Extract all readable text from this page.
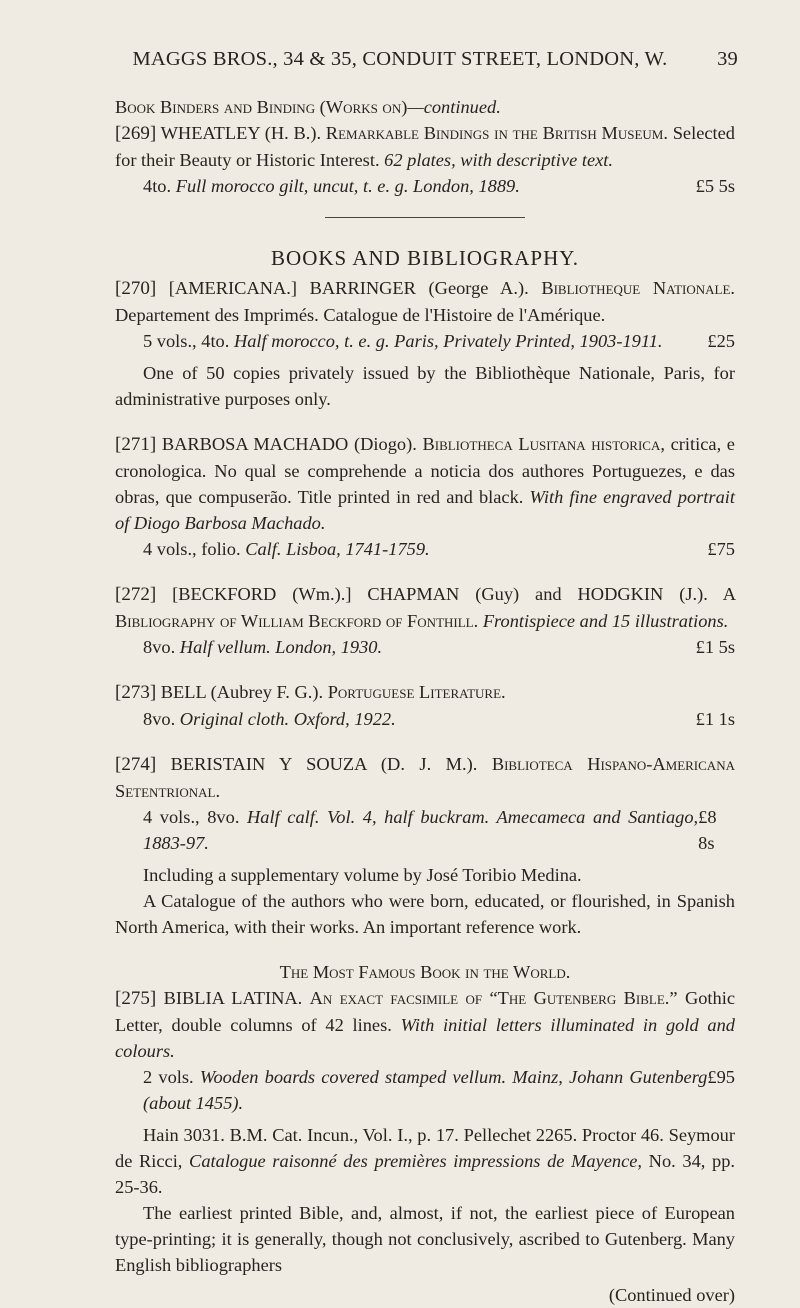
MAGGS BROS., 34 & 35, CONDUIT STREET, LONDON, W. 39

Book Binders and Binding (Works on)—continued.

[269] WHEATLEY (H. B.). Remarkable Bindings in the British Museum. Selected for their Beauty or Historic Interest. 62 plates, with descriptive text.

4to. Full morocco gilt, uncut, t. e. g. London, 1889.	£5 5s

BOOKS AND BIBLIOGRAPHY.

[270] [AMERICANA.] BARRINGER (George A.). Bibliotheque Nationale. Departement des Imprimés. Catalogue de l'Histoire de l'Amérique.

5 vols., 4to. Half morocco, t. e. g. Paris, Privately Printed, 1903-1911. £25

One of 50 copies privately issued by the Bibliothèque Nationale, Paris, for administrative purposes only.

[271] BARBOSA MACHADO (Diogo). Bibliotheca Lusitana historica, critica, e cronologica. No qual se comprehende a noticia dos authores Portuguezes, e das obras, que compuserão. Title printed in red and black. With fine engraved portrait of Diogo Barbosa Machado.

4 vols., folio. Calf. Lisboa, 1741-1759.	£75

[272] [BECKFORD (Wm.).] CHAPMAN (Guy) and HODGKIN (J.). A Bibliography of William Beckford of Fonthill. Frontispiece and 15 illustrations.

8vo. Half vellum. London, 1930.	£1 5s

[273] BELL (Aubrey F. G.). Portuguese Literature.

8vo. Original cloth. Oxford, 1922.	£1 1s

[274] BERISTAIN Y SOUZA (D. J. M.). Biblioteca Hispano-Americana Setentrional.

4 vols., 8vo. Half calf. Vol. 4, half buckram. Amecameca and Santiago, 1883-97.
£8 8s

Including a supplementary volume by José Toribio Medina.

A Catalogue of the authors who were born, educated, or flourished, in Spanish North America, with their works. An important reference work.

The Most Famous Book in the World.

[275] BIBLIA LATINA. An exact facsimile of “The Gutenberg Bible.” Gothic Letter, double columns of 42 lines. With initial letters illuminated in gold and colours.

2 vols. Wooden boards covered stamped vellum. Mainz, Johann Gutenberg (about 1455).
£95

Hain 3031. B.M. Cat. Incun., Vol. I., p. 17. Pellechet 2265. Proctor 46. Seymour de Ricci, Catalogue raisonné des premières impressions de Mayence, No. 34, pp. 25-36.

The earliest printed Bible, and, almost, if not, the earliest piece of European type-printing; it is generally, though not conclusively, ascribed to Gutenberg. Many English bibliographers

(Continued over)
